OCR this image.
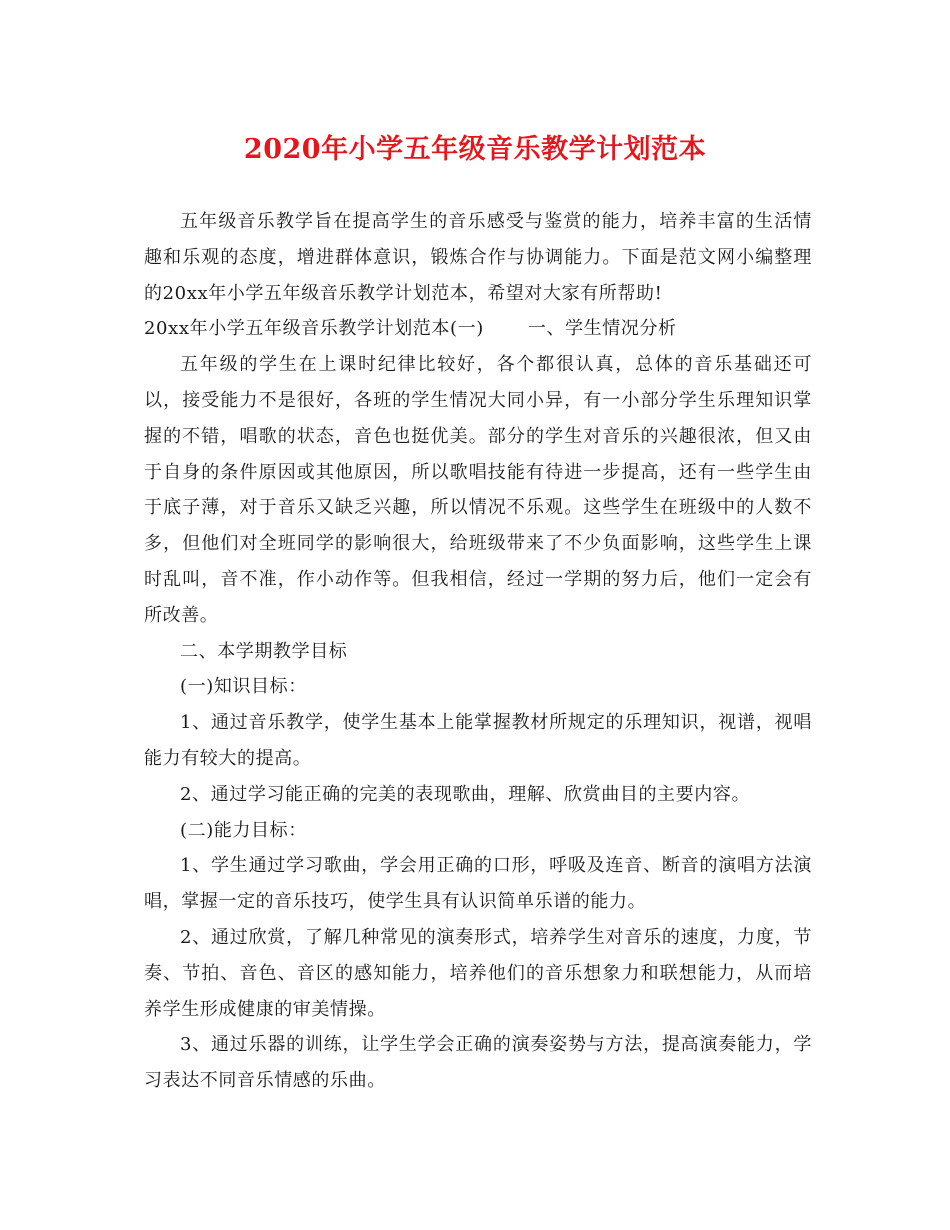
2020年小学五年级音乐教学计划范本

五年级音乐教学旨在提高学生的音乐感受与鉴赏的能力，培养丰富的生活情趣和乐观的态度，增进群体意识，锻炼合作与协调能力。下面是范文网小编整理的20xx年小学五年级音乐教学计划范本，希望对大家有所帮助!

20xx年小学五年级音乐教学计划范本(一) 一、学生情况分析

五年级的学生在上课时纪律比较好，各个都很认真，总体的音乐基础还可以，接受能力不是很好，各班的学生情况大同小异，有一小部分学生乐理知识掌握的不错，唱歌的状态，音色也挺优美。部分的学生对音乐的兴趣很浓，但又由于自身的条件原因或其他原因，所以歌唱技能有待进一步提高，还有一些学生由于底子薄，对于音乐又缺乏兴趣，所以情况不乐观。这些学生在班级中的人数不多，但他们对全班同学的影响很大，给班级带来了不少负面影响，这些学生上课时乱叫，音不准，作小动作等。但我相信，经过一学期的努力后，他们一定会有所改善。

二、本学期教学目标

(一)知识目标：

1、通过音乐教学，使学生基本上能掌握教材所规定的乐理知识，视谱，视唱能力有较大的提高。

2、通过学习能正确的完美的表现歌曲，理解、欣赏曲目的主要内容。

(二)能力目标：

1、学生通过学习歌曲，学会用正确的口形，呼吸及连音、断音的演唱方法演唱，掌握一定的音乐技巧，使学生具有认识简单乐谱的能力。

2、通过欣赏，了解几种常见的演奏形式，培养学生对音乐的速度，力度，节奏、节拍、音色、音区的感知能力，培养他们的音乐想象力和联想能力，从而培养学生形成健康的审美情操。

3、通过乐器的训练，让学生学会正确的演奏姿势与方法，提高演奏能力，学习表达不同音乐情感的乐曲。
